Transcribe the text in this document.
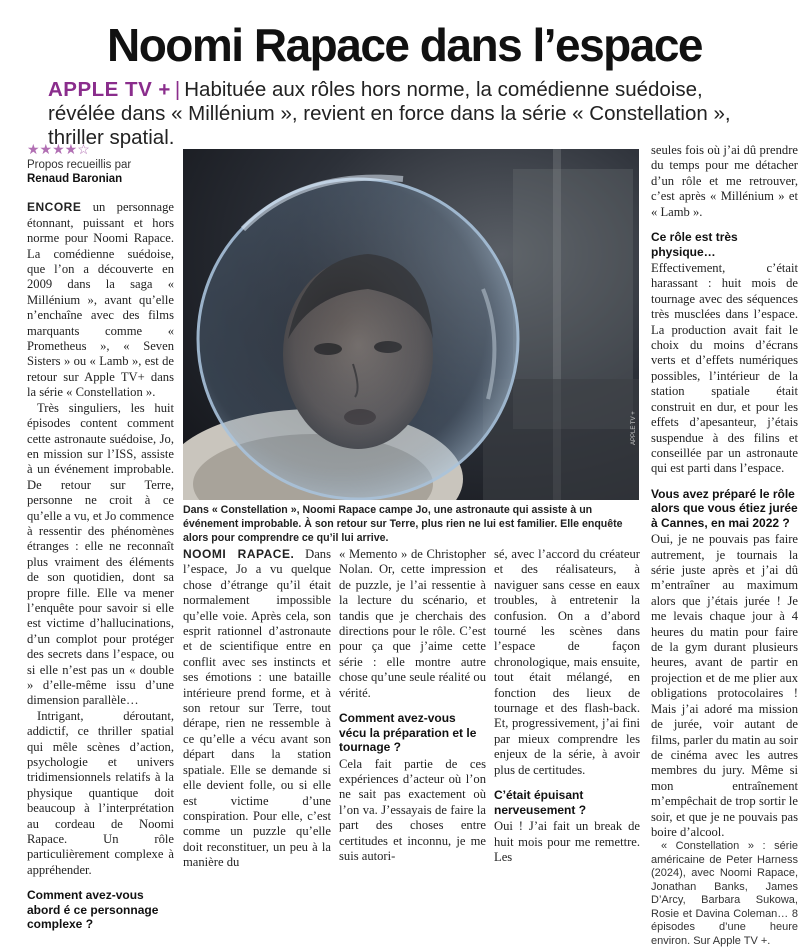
Noomi Rapace dans l’espace
APPLE TV + | Habituée aux rôles hors norme, la comédienne suédoise, révélée dans « Millénium », revient en force dans la série « Constellation », thriller spatial.
★★★★☆
Propos recueillis par
Renaud Baronian

ENCORE un personnage étonnant, puissant et hors norme pour Noomi Rapace. La comédienne suédoise, que l’on a découverte en 2009 dans la saga « Millénium », avant qu’elle n’enchaîne avec des films marquants comme « Prometheus », « Seven Sisters » ou « Lamb », est de retour sur Apple TV+ dans la série « Constellation ».

Très singuliers, les huit épisodes content comment cette astronaute suédoise, Jo, en mission sur l’ISS, assiste à un événement improbable. De retour sur Terre, personne ne croit à ce qu’elle a vu, et Jo commence à ressentir des phénomènes étranges : elle ne reconnaît plus vraiment des éléments de son quotidien, dont sa propre fille. Elle va mener l’enquête pour savoir si elle est victime d’hallucinations, d’un complot pour protéger des secrets dans l’espace, ou si elle n’est pas un « double » d’elle-même issu d’une dimension parallèle…

Intrigant, déroutant, addictif, ce thriller spatial qui mêle scènes d’action, psychologie et univers tridimensionnels relatifs à la physique quantique doit beaucoup à l’interprétation au cordeau de Noomi Rapace. Un rôle particulièrement complexe à appréhender.

Comment avez-vous abord é ce personnage complexe ?
APPLE TV +
Dans « Constellation », Noomi Rapace campe Jo, une astronaute qui assiste à un événement improbable. À son retour sur Terre, plus rien ne lui est familier. Elle enquête alors pour comprendre ce qu’il lui arrive.

NOOMI RAPACE. Dans l’espace, Jo a vu quelque chose d’étrange qu’il était normalement impossible qu’elle voie. Après cela, son esprit rationnel d’astronaute et de scientifique entre en conflit avec ses instincts et ses émotions : une bataille intérieure prend forme, et à son retour sur Terre, tout dérape, rien ne ressemble à ce qu’elle a vécu avant son départ dans la station spatiale. Elle se demande si elle devient folle, ou si elle est victime d’une conspiration. Pour elle, c’est comme un puzzle qu’elle doit reconstituer, un peu à la manière du

« Memento » de Christopher Nolan. Or, cette impression de puzzle, je l’ai ressentie à la lecture du scénario, et tandis que je cherchais des directions pour le rôle. C’est pour ça que j’aime cette série : elle montre autre chose qu’une seule réalité ou vérité.

Comment avez-vous vécu la préparation et le tournage ?

Cela fait partie de ces expériences d’acteur où l’on ne sait pas exactement où l’on va. J’essayais de faire la part des choses entre certitudes et inconnu, je me suis autori-

sé, avec l’accord du créateur et des réalisateurs, à naviguer sans cesse en eaux troubles, à entretenir la confusion. On a d’abord tourné les scènes dans l’espace de façon chronologique, mais ensuite, tout était mélangé, en fonction des lieux de tournage et des flash-back. Et, progressivement, j’ai fini par mieux comprendre les enjeux de la série, à avoir plus de certitudes.

C’était épuisant nerveusement ?

Oui ! J’ai fait un break de huit mois pour me remettre. Les

seules fois où j’ai dû prendre du temps pour me détacher d’un rôle et me retrouver, c’est après « Millénium » et « Lamb ».

Ce rôle est très physique…

Effectivement, c’était harassant : huit mois de tournage avec des séquences très musclées dans l’espace. La production avait fait le choix du moins d’écrans verts et d’effets numériques possibles, l’intérieur de la station spatiale était construit en dur, et pour les effets d’apesanteur, j’étais suspendue à des filins et conseillée par un astronaute qui est parti dans l’espace.

Vous avez préparé le rôle alors que vous étiez jurée à Cannes, en mai 2022 ?

Oui, je ne pouvais pas faire autrement, je tournais la série juste après et j’ai dû m’entraîner au maximum alors que j’étais jurée ! Je me levais chaque jour à 4 heures du matin pour faire de la gym durant plusieurs heures, avant de partir en projection et de me plier aux obligations protocolaires ! Mais j’ai adoré ma mission de jurée, voir autant de films, parler du matin au soir de cinéma avec les autres membres du jury. Même si mon entraînement m’empêchait de trop sortir le soir, et que je ne pouvais pas boire d’alcool.

« Constellation » : série américaine de Peter Harness (2024), avec Noomi Rapace, Jonathan Banks, James D’Arcy, Barbara Sukowa, Rosie et Davina Coleman… 8 épisodes d’une heure environ. Sur Apple TV +.
